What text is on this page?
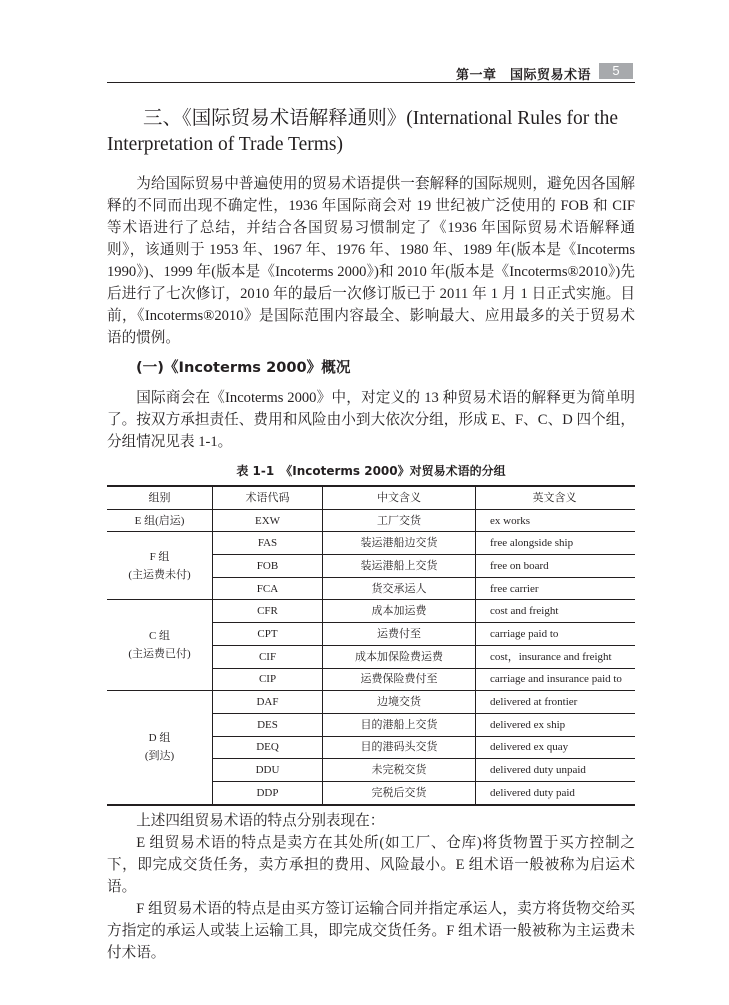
第一章　国际贸易术语	5
三、《国际贸易术语解释通则》(International Rules for the
Interpretation of Trade Terms)

为给国际贸易中普遍使用的贸易术语提供一套解释的国际规则，避免因各国解释的不同而出现不确定性，1936 年国际商会对 19 世纪被广泛使用的 FOB 和 CIF 等术语进行了总结，并结合各国贸易习惯制定了《1936 年国际贸易术语解释通则》，该通则于 1953 年、1967 年、1976 年、1980 年、1989 年(版本是《Incoterms 1990》)、1999 年(版本是《Incoterms 2000》)和 2010 年(版本是《Incoterms®2010》)先后进行了七次修订，2010 年的最后一次修订版已于 2011 年 1 月 1 日正式实施。目前，《Incoterms®2010》是国际范围内容最全、影响最大、应用最多的关于贸易术语的惯例。

(一)《Incoterms 2000》概况

国际商会在《Incoterms 2000》中，对定义的 13 种贸易术语的解释更为简单明了。按双方承担责任、费用和风险由小到大依次分组，形成 E、F、C、D 四个组，分组情况见表 1-1。

表 1-1　《Incoterms 2000》对贸易术语的分组
组别	术语代码	中文含义	英文含义
E 组(启运)	EXW	工厂交货	ex works
F 组
(主运费未付)	FAS	装运港船边交货	free alongside ship
	FOB	装运港船上交货	free on board
	FCA	货交承运人	free carrier
C 组
(主运费已付)	CFR	成本加运费	cost and freight
	CPT	运费付至	carriage paid to
	CIF	成本加保险费运费	cost，insurance and freight
	CIP	运费保险费付至	carriage and insurance paid to
D 组
(到达)	DAF	边境交货	delivered at frontier
	DES	目的港船上交货	delivered ex ship
	DEQ	目的港码头交货	delivered ex quay
	DDU	未完税交货	delivered duty unpaid
	DDP	完税后交货	delivered duty paid

上述四组贸易术语的特点分别表现在：

E 组贸易术语的特点是卖方在其处所(如工厂、仓库)将货物置于买方控制之下，即完成交货任务，卖方承担的费用、风险最小。E 组术语一般被称为启运术语。

F 组贸易术语的特点是由买方签订运输合同并指定承运人，卖方将货物交给买方指定的承运人或装上运输工具，即完成交货任务。F 组术语一般被称为主运费未付术语。
